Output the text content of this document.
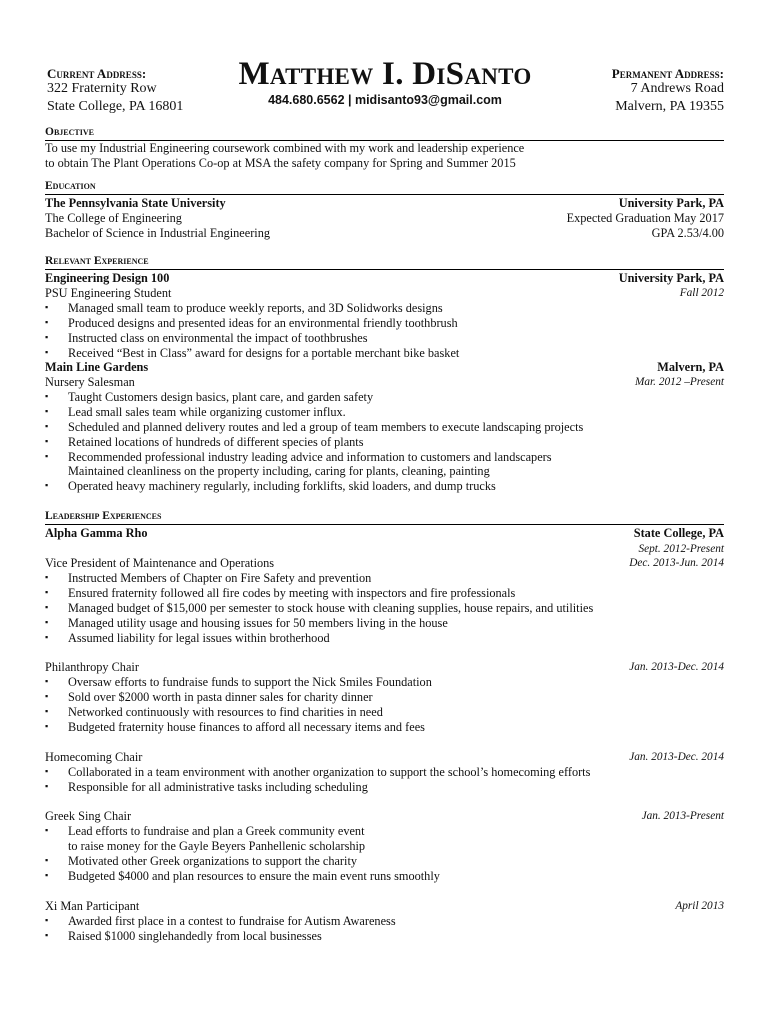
Current Address:
322 Fraternity Row
State College, PA 16801
Matthew I. DiSanto
484.680.6562 | midisanto93@gmail.com
Permanent Address:
7 Andrews Road
Malvern, PA 19355
Objective
To use my Industrial Engineering coursework combined with my work and leadership experience
to obtain The Plant Operations Co-op at MSA the safety company for Spring and Summer 2015
Education
The Pennsylvania State University	University Park, PA
The College of Engineering	Expected Graduation May 2017
Bachelor of Science in Industrial Engineering	GPA 2.53/4.00
Relevant Experience
Engineering Design 100	University Park, PA
PSU Engineering Student	Fall 2012
▪ Managed small team to produce weekly reports, and 3D Solidworks designs
▪ Produced designs and presented ideas for an environmental friendly toothbrush
▪ Instructed class on environmental the impact of toothbrushes
▪ Received “Best in Class” award for designs for a portable merchant bike basket
Main Line Gardens	Malvern, PA
Nursery Salesman	Mar. 2012 –Present
▪ Taught Customers design basics, plant care, and garden safety
▪ Lead small sales team while organizing customer influx.
▪ Scheduled and planned delivery routes and led a group of team members to execute landscaping projects
▪ Retained locations of hundreds of different species of plants
▪ Recommended professional industry leading advice and information to customers and landscapers
Maintained cleanliness on the property including, caring for plants, cleaning, painting
▪ Operated heavy machinery regularly, including forklifts, skid loaders, and dump trucks
Leadership Experiences
Alpha Gamma Rho	State College, PA
Sept. 2012-Present
Vice President of Maintenance and Operations	Dec. 2013-Jun. 2014
▪ Instructed Members of Chapter on Fire Safety and prevention
▪ Ensured fraternity followed all fire codes by meeting with inspectors and fire professionals
▪ Managed budget of $15,000 per semester to stock house with cleaning supplies, house repairs, and utilities
▪ Managed utility usage and housing issues for 50 members living in the house
▪ Assumed liability for legal issues within brotherhood
Philanthropy Chair	Jan. 2013-Dec. 2014
▪ Oversaw efforts to fundraise funds to support the Nick Smiles Foundation
▪ Sold over $2000 worth in pasta dinner sales for charity dinner
▪ Networked continuously with resources to find charities in need
▪ Budgeted fraternity house finances to afford all necessary items and fees
Homecoming Chair	Jan. 2013-Dec. 2014
▪ Collaborated in a team environment with another organization to support the school’s homecoming efforts
▪ Responsible for all administrative tasks including scheduling
Greek Sing Chair	Jan. 2013-Present
▪ Lead efforts to fundraise and plan a Greek community event
to raise money for the Gayle Beyers Panhellenic scholarship
▪ Motivated other Greek organizations to support the charity
▪ Budgeted $4000 and plan resources to ensure the main event runs smoothly
Xi Man Participant	April 2013
▪ Awarded first place in a contest to fundraise for Autism Awareness
▪ Raised $1000 singlehandedly from local businesses
